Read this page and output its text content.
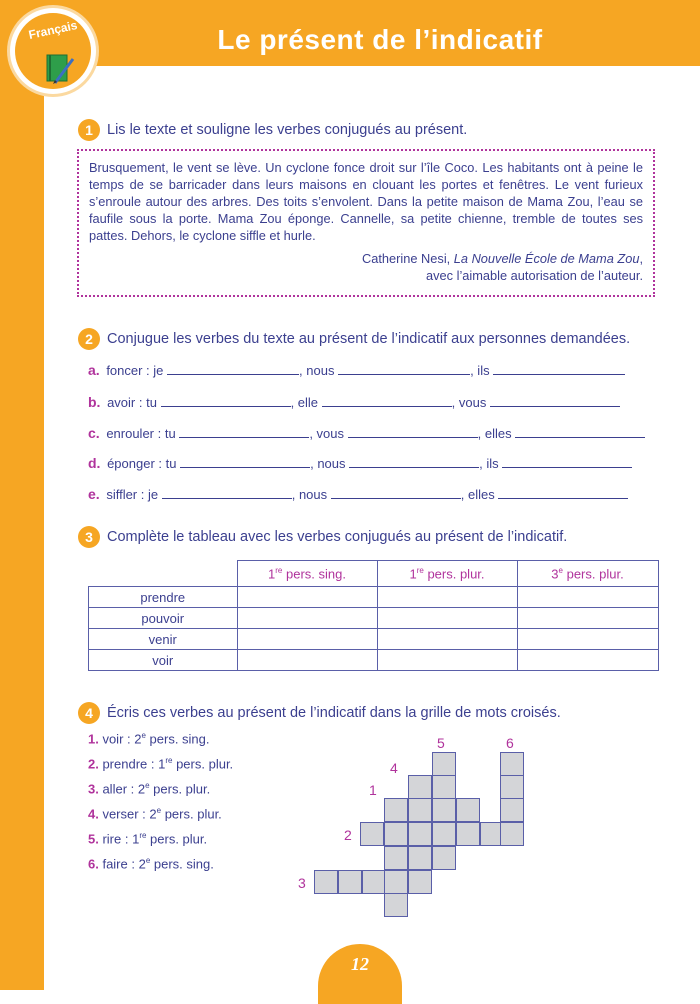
Le présent de l’indicatif
Français
1 Lis le texte et souligne les verbes conjugués au présent.
Brusquement, le vent se lève. Un cyclone fonce droit sur l’île Coco. Les habitants ont à peine le temps de se barricader dans leurs maisons en clouant les portes et fenêtres. Le vent furieux s’enroule autour des arbres. Des toits s’envolent. Dans la petite maison de Mama Zou, l’eau se faufile sous la porte. Mama Zou éponge. Cannelle, sa petite chienne, tremble de toutes ses pattes. Dehors, le cyclone siffle et hurle.
Catherine Nesi, La Nouvelle École de Mama Zou,
avec l’aimable autorisation de l’auteur.
2 Conjugue les verbes du texte au présent de l’indicatif aux personnes demandées.
a. foncer : je	, nous	, ils
b. avoir : tu	, elle	, vous
c. enrouler : tu	, vous	, elles
d. éponger : tu	, nous	, ils
e. siffler : je	, nous	, elles
3 Complète le tableau avec les verbes conjugués au présent de l’indicatif.
	1re pers. sing.	1re pers. plur.	3e pers. plur.
prendre			
pouvoir			
venir			
voir			
4 Écris ces verbes au présent de l’indicatif dans la grille de mots croisés.
1. voir : 2e pers. sing.
2. prendre : 1re pers. plur.
3. aller : 2e pers. plur.
4. verser : 2e pers. plur.
5. rire : 1re pers. plur.
6. faire : 2e pers. sing.
1
2
3
4
5	6
12
